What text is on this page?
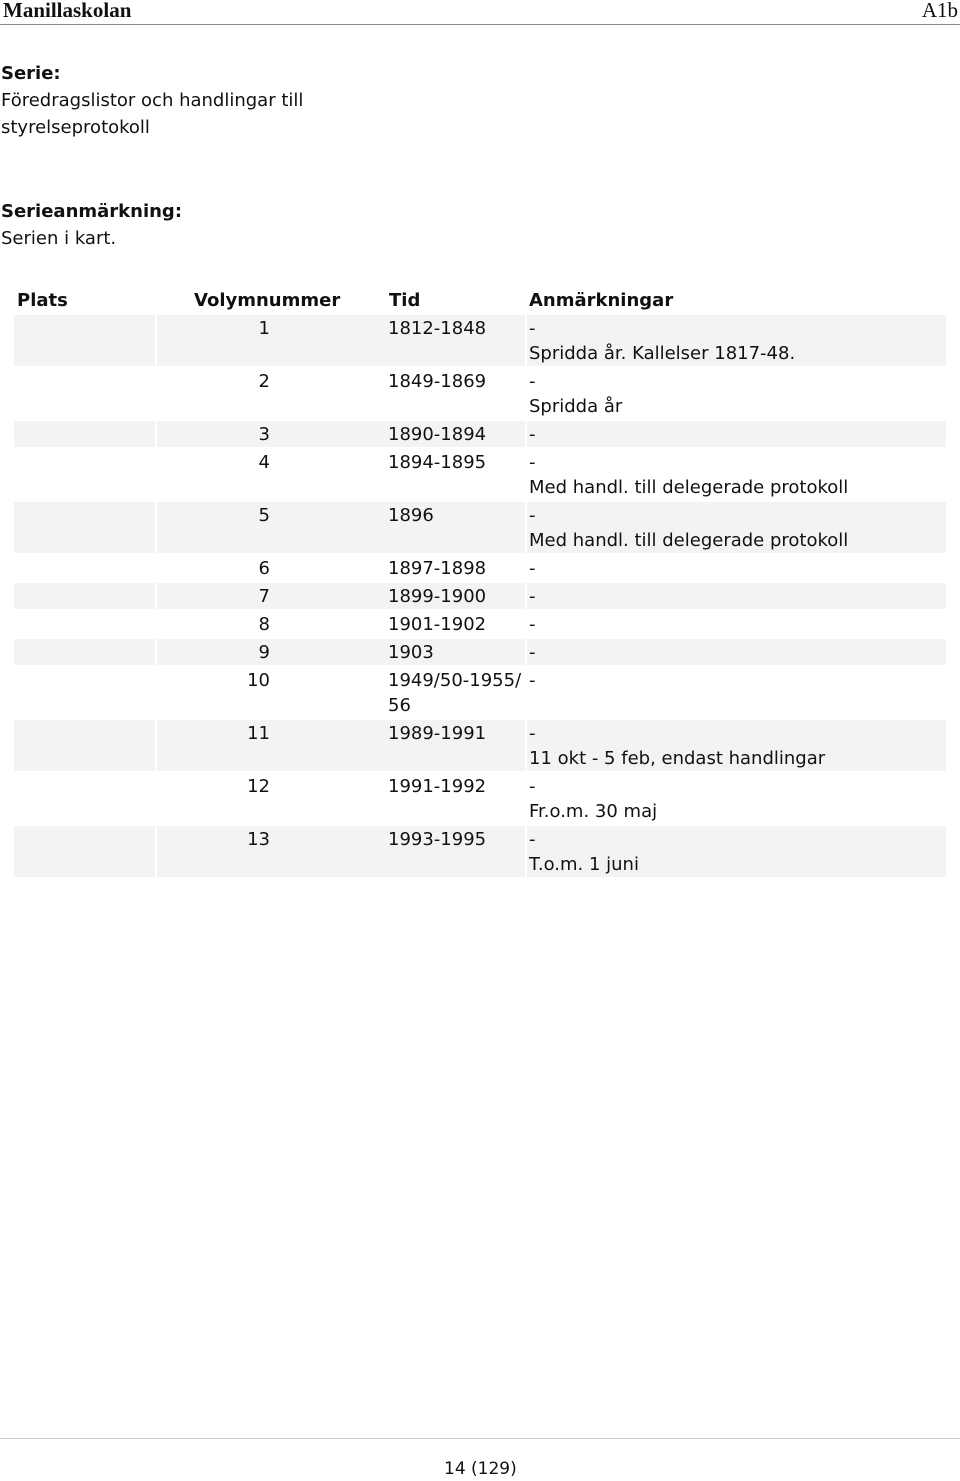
Manillaskolan	A1b
Serie:
Föredragslistor och handlingar till styrelseprotokoll
Serieanmärkning:
Serien i kart.
Plats	Volymnummer	Tid	Anmärkningar
	1	1812-1848	-
Spridda år. Kallelser 1817-48.

	2	1849-1869	-
Spridda år

	3	1890-1894	-

	4	1894-1895	-
Med handl. till delegerade protokoll

	5	1896	-
Med handl. till delegerade protokoll

	6	1897-1898	-

	7	1899-1900	-

	8	1901-1902	-

	9	1903	-

	10	1949/50-1955/56	-

	11	1989-1991	-
11 okt - 5 feb, endast handlingar

	12	1991-1992	-
Fr.o.m. 30 maj

	13	1993-1995	-
T.o.m. 1 juni
14 (129)
